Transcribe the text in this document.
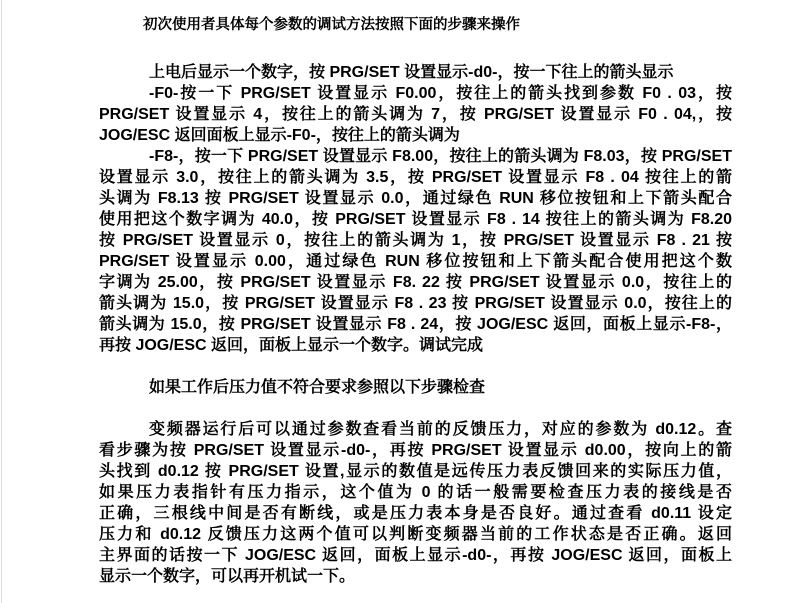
初次使用者具体每个参数的调试方法按照下面的步骤来操作
上电后显示一个数字，按 PRG/SET 设置显示-d0-，按一下往上的箭头显示
-F0-按一下 PRG/SET 设置显示 F0.00，按往上的箭头找到参数 F0 . 03，按
PRG/SET 设置显示 4，按往上的箭头调为 7，按 PRG/SET 设置显示 F0 . 04,，按
JOG/ESC 返回面板上显示-F0-，按往上的箭头调为
-F8-，按一下 PRG/SET 设置显示 F8.00，按往上的箭头调为 F8.03，按 PRG/SET
设置显示 3.0，按往上的箭头调为 3.5，按 PRG/SET 设置显示 F8 . 04 按往上的箭
头调为 F8.13 按 PRG/SET 设置显示 0.0，通过绿色 RUN 移位按钮和上下箭头配合
使用把这个数字调为 40.0，按 PRG/SET 设置显示 F8 . 14 按往上的箭头调为 F8.20
按 PRG/SET 设置显示 0，按往上的箭头调为 1，按 PRG/SET 设置显示 F8 . 21 按
PRG/SET 设置显示 0.00，通过绿色 RUN 移位按钮和上下箭头配合使用把这个数
字调为 25.00，按 PRG/SET 设置显示 F8. 22 按 PRG/SET 设置显示 0.0，按往上的
箭头调为 15.0，按 PRG/SET 设置显示 F8 . 23 按 PRG/SET 设置显示 0.0，按往上的
箭头调为 15.0，按 PRG/SET 设置显示 F8 . 24，按 JOG/ESC 返回，面板上显示-F8-，
再按 JOG/ESC 返回，面板上显示一个数字。调试完成
如果工作后压力值不符合要求参照以下步骤检查
变频器运行后可以通过参数查看当前的反馈压力，对应的参数为 d0.12。查
看步骤为按 PRG/SET 设置显示-d0-，再按 PRG/SET 设置显示 d0.00，按向上的箭
头找到 d0.12 按 PRG/SET 设置,显示的数值是远传压力表反馈回来的实际压力值，
如果压力表指针有压力指示，这个值为 0 的话一般需要检查压力表的接线是否
正确，三根线中间是否有断线，或是压力表本身是否良好。通过查看 d0.11 设定
压力和 d0.12 反馈压力这两个值可以判断变频器当前的工作状态是否正确。返回
主界面的话按一下 JOG/ESC 返回，面板上显示-d0-，再按 JOG/ESC 返回，面板上
显示一个数字，可以再开机试一下。
